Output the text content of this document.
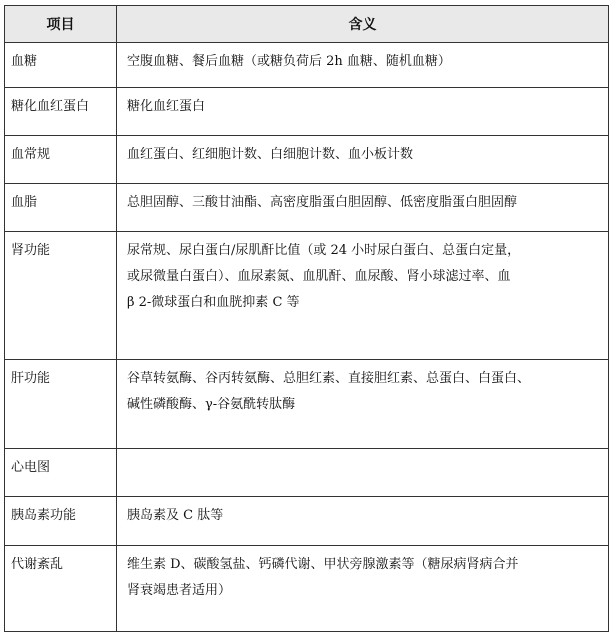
项目	含义
血糖	空腹血糖、餐后血糖（或糖负荷后 2h 血糖、随机血糖）

糖化血红蛋白	糖化血红蛋白

血常规	血红蛋白、红细胞计数、白细胞计数、血小板计数

血脂	总胆固醇、三酸甘油酯、高密度脂蛋白胆固醇、低密度脂蛋白胆固醇

肾功能	尿常规、尿白蛋白/尿肌酐比值（或 24 小时尿白蛋白、总蛋白定量，
或尿微量白蛋白）、血尿素氮、血肌酐、血尿酸、肾小球滤过率、血
β 2-微球蛋白和血胱抑素 C 等

肝功能	谷草转氨酶、谷丙转氨酶、总胆红素、直接胆红素、总蛋白、白蛋白、
碱性磷酸酶、γ-谷氨酰转肽酶

心电图	
胰岛素功能	胰岛素及 C 肽等

代谢紊乱	维生素 D、碳酸氢盐、钙磷代谢、甲状旁腺激素等（糖尿病肾病合并
肾衰竭患者适用）
